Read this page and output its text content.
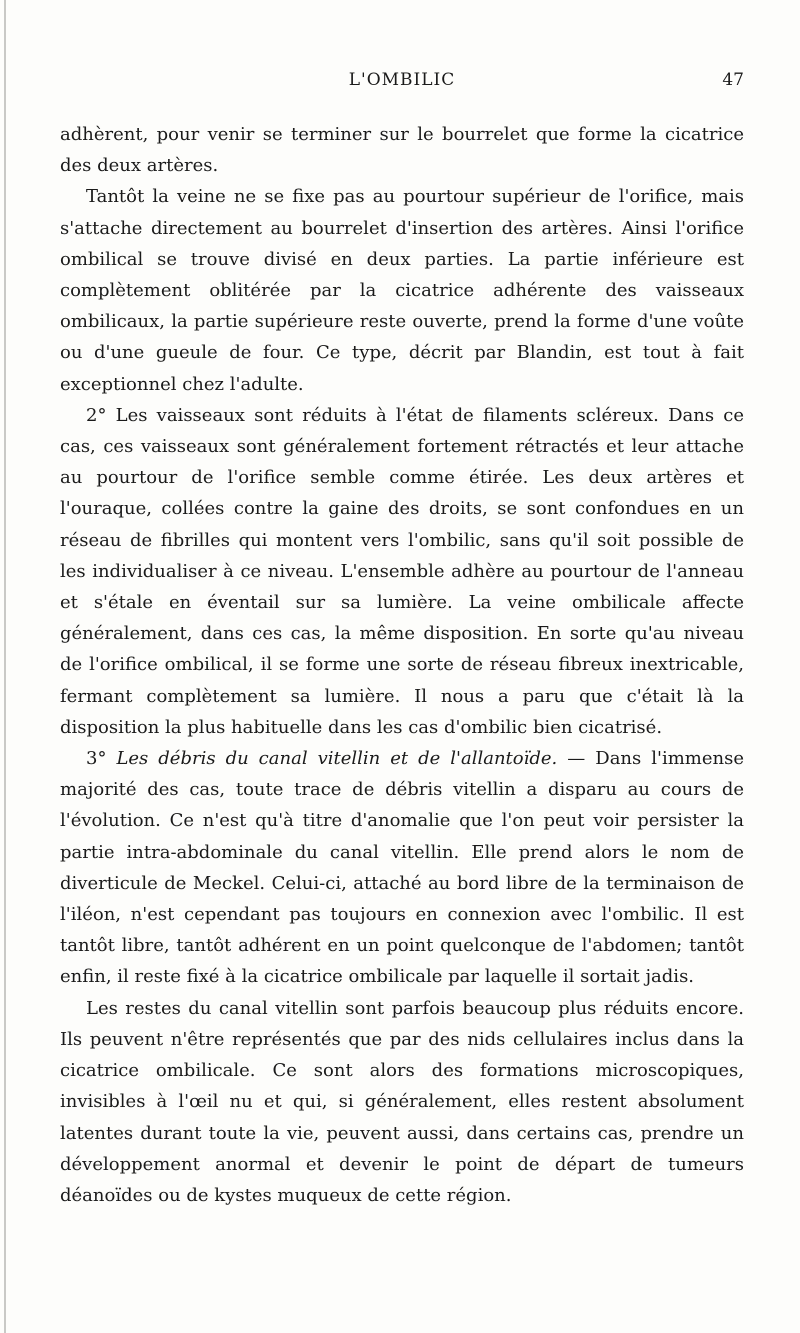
L'OMBILIC	47

adhèrent, pour venir se terminer sur le bourrelet que forme la cicatrice des deux artères.

Tantôt la veine ne se fixe pas au pourtour supérieur de l'orifice, mais s'attache directement au bourrelet d'insertion des artères. Ainsi l'orifice ombilical se trouve divisé en deux parties. La partie inférieure est complètement oblitérée par la cicatrice adhérente des vaisseaux ombilicaux, la partie supérieure reste ouverte, prend la forme d'une voûte ou d'une gueule de four. Ce type, décrit par Blandin, est tout à fait exceptionnel chez l'adulte.

2° Les vaisseaux sont réduits à l'état de filaments scléreux. Dans ce cas, ces vaisseaux sont généralement fortement rétractés et leur attache au pourtour de l'orifice semble comme étirée. Les deux artères et l'ouraque, collées contre la gaine des droits, se sont confondues en un réseau de fibrilles qui montent vers l'ombilic, sans qu'il soit possible de les individualiser à ce niveau. L'ensemble adhère au pourtour de l'anneau et s'étale en éventail sur sa lumière. La veine ombilicale affecte généralement, dans ces cas, la même disposition. En sorte qu'au niveau de l'orifice ombilical, il se forme une sorte de réseau fibreux inextricable, fermant complètement sa lumière. Il nous a paru que c'était là la disposition la plus habituelle dans les cas d'ombilic bien cicatrisé.

3° Les débris du canal vitellin et de l'allantoïde. — Dans l'immense majorité des cas, toute trace de débris vitellin a disparu au cours de l'évolution. Ce n'est qu'à titre d'anomalie que l'on peut voir persister la partie intra-abdominale du canal vitellin. Elle prend alors le nom de diverticule de Meckel. Celui-ci, attaché au bord libre de la terminaison de l'iléon, n'est cependant pas toujours en connexion avec l'ombilic. Il est tantôt libre, tantôt adhérent en un point quelconque de l'abdomen; tantôt enfin, il reste fixé à la cicatrice ombilicale par laquelle il sortait jadis.

Les restes du canal vitellin sont parfois beaucoup plus réduits encore. Ils peuvent n'être représentés que par des nids cellulaires inclus dans la cicatrice ombilicale. Ce sont alors des formations microscopiques, invisibles à l'œil nu et qui, si généralement, elles restent absolument latentes durant toute la vie, peuvent aussi, dans certains cas, prendre un développement anormal et devenir le point de départ de tumeurs déanoïdes ou de kystes muqueux de cette région.
